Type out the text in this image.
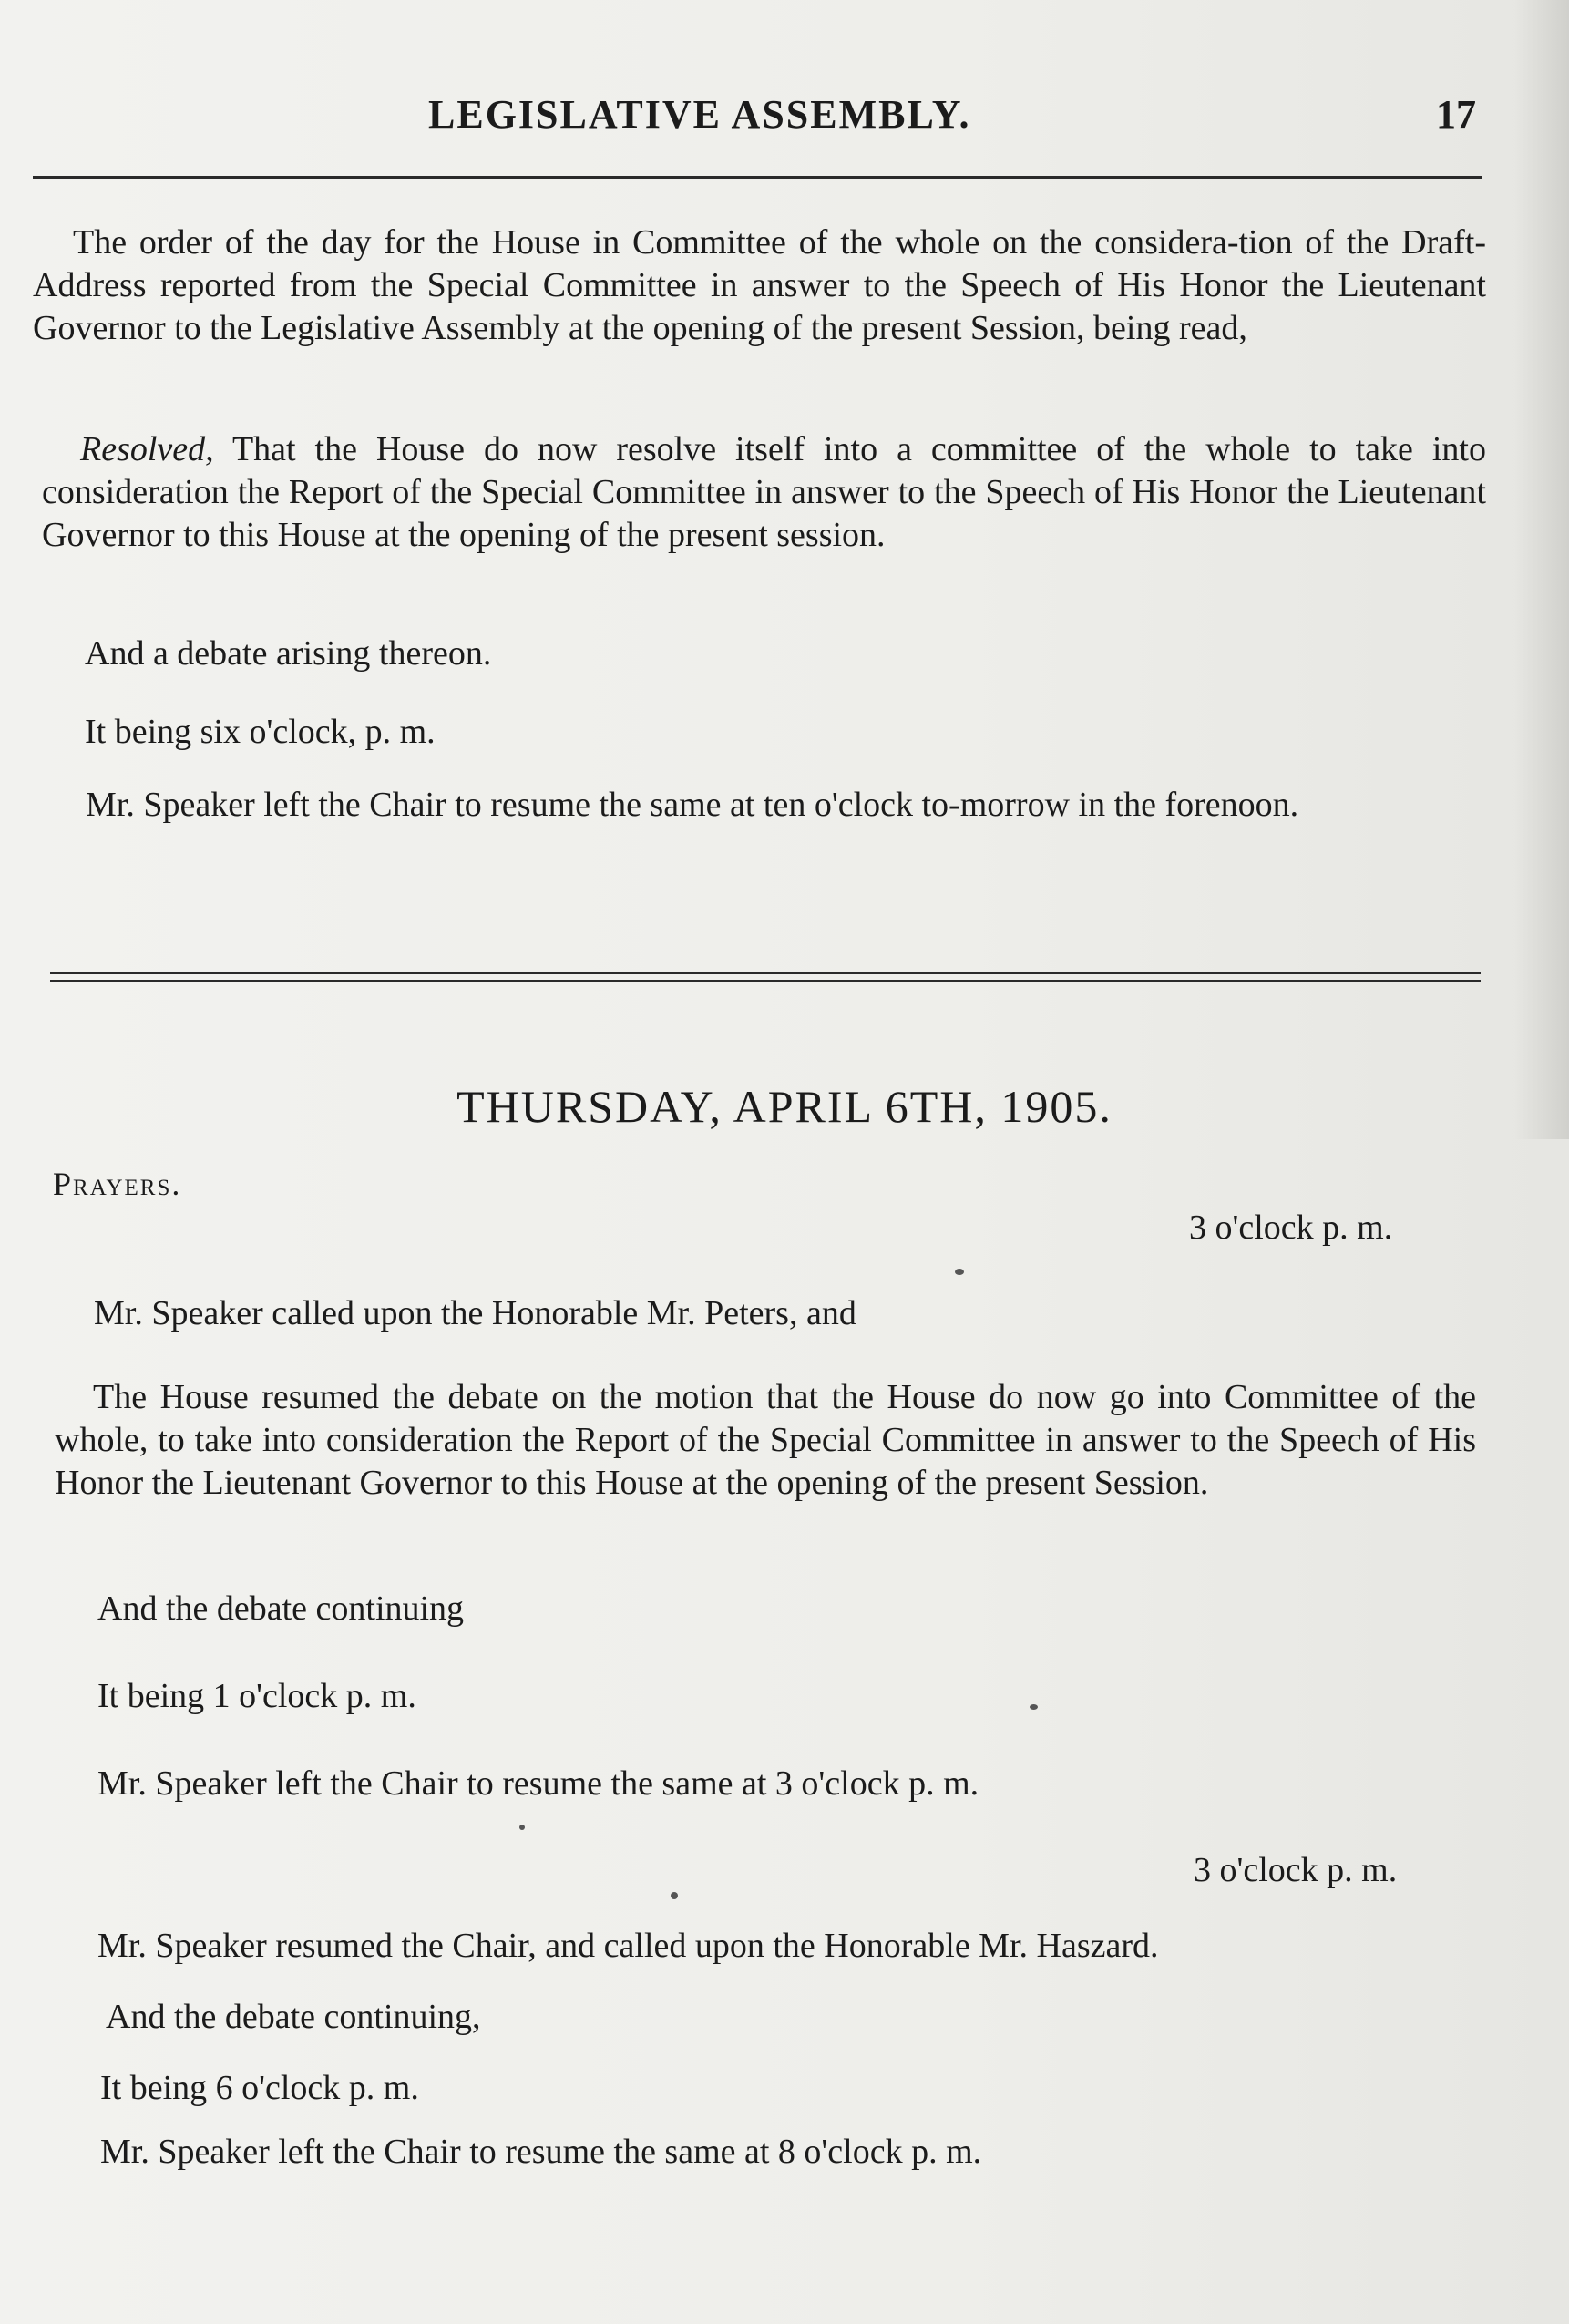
LEGISLATIVE ASSEMBLY.	17

The order of the day for the House in Committee of the whole on the considera-tion of the Draft-Address reported from the Special Committee in answer to the Speech of His Honor the Lieutenant Governor to the Legislative Assembly at the opening of the present Session, being read,

Resolved, That the House do now resolve itself into a committee of the whole to take into consideration the Report of the Special Committee in answer to the Speech of His Honor the Lieutenant Governor to this House at the opening of the present session.

And a debate arising thereon.
It being six o'clock, p. m.

Mr. Speaker left the Chair to resume the same at ten o'clock to-morrow in the forenoon.

THURSDAY, APRIL 6TH, 1905.
Prayers.
3 o'clock p. m.
Mr. Speaker called upon the Honorable Mr. Peters, and

The House resumed the debate on the motion that the House do now go into Committee of the whole, to take into consideration the Report of the Special Committee in answer to the Speech of His Honor the Lieutenant Governor to this House at the opening of the present Session.

And the debate continuing
It being 1 o'clock p. m.
Mr. Speaker left the Chair to resume the same at 3 o'clock p. m.
3 o'clock p. m.
Mr. Speaker resumed the Chair, and called upon the Honorable Mr. Haszard.
And the debate continuing,
It being 6 o'clock p. m.
Mr. Speaker left the Chair to resume the same at 8 o'clock p. m.
